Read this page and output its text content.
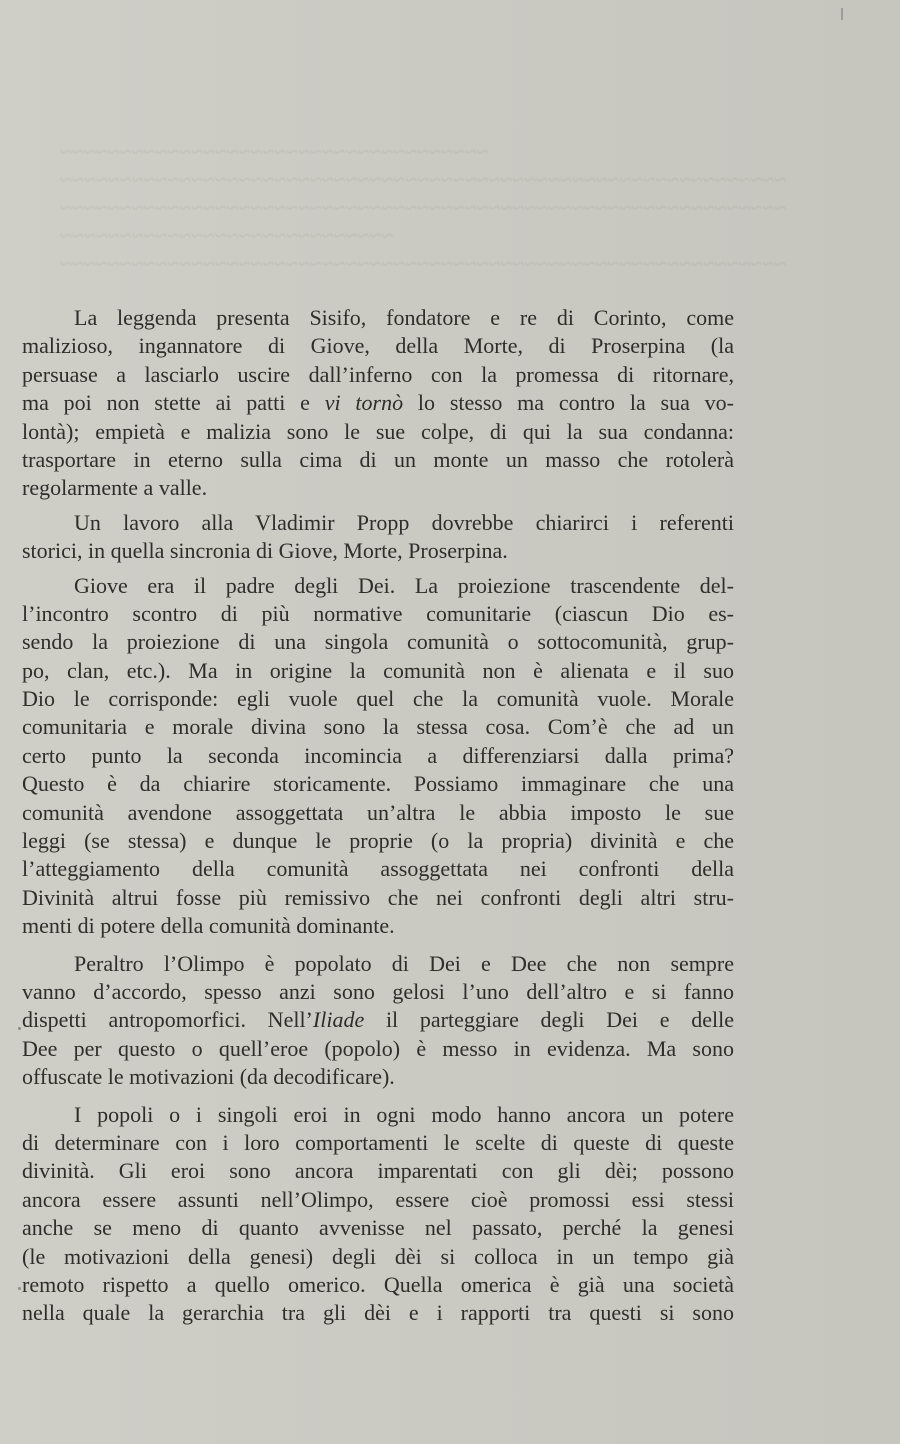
~~~~~~~~~~~~~~~~~~~~~~~~~~~~~~~~~~~~
~~~~~~~~~~~~~~~~~~~~~~~~~~~~~~~~~~~~~~~~~~~~~~~~~~~~~~~~~~~~~
~~~~~~~~~~~~~~~~~~~~~~~~~~~~~~~~~~~~~~~~~~~~~~~~~~~~~~~~~~~~~
~~~~~~~~~~~~~~~~~~~~~~~~~~~~
~~~~~~~~~~~~~~~~~~~~~~~~~~~~~~~~~~~~~~~~~~~~~~~~~~~~~~~~~~~~~
La leggenda presenta Sisifo, fondatore e re di Corinto, come
malizioso, ingannatore di Giove, della Morte, di Proserpina (la
persuase a lasciarlo uscire dall’inferno con la promessa di ritornare,
ma poi non stette ai patti e vi tornò lo stesso ma contro la sua vo-
lontà); empietà e malizia sono le sue colpe, di qui la sua condanna:
trasportare in eterno sulla cima di un monte un masso che rotolerà
regolarmente a valle.
Un lavoro alla Vladimir Propp dovrebbe chiarirci i referenti
storici, in quella sincronia di Giove, Morte, Proserpina.
Giove era il padre degli Dei. La proiezione trascendente del-
l’incontro scontro di più normative comunitarie (ciascun Dio es-
sendo la proiezione di una singola comunità o sottocomunità, grup-
po, clan, etc.). Ma in origine la comunità non è alienata e il suo
Dio le corrisponde: egli vuole quel che la comunità vuole. Morale
comunitaria e morale divina sono la stessa cosa. Com’è che ad un
certo punto la seconda incomincia a differenziarsi dalla prima?
Questo è da chiarire storicamente. Possiamo immaginare che una
comunità avendone assoggettata un’altra le abbia imposto le sue
leggi (se stessa) e dunque le proprie (o la propria) divinità e che
l’atteggiamento della comunità assoggettata nei confronti della
Divinità altrui fosse più remissivo che nei confronti degli altri stru-
menti di potere della comunità dominante.
Peraltro l’Olimpo è popolato di Dei e Dee che non sempre
vanno d’accordo, spesso anzi sono gelosi l’uno dell’altro e si fanno
dispetti antropomorfici. Nell’Iliade il parteggiare degli Dei e delle
Dee per questo o quell’eroe (popolo) è messo in evidenza. Ma sono
offuscate le motivazioni (da decodificare).
I popoli o i singoli eroi in ogni modo hanno ancora un potere
di determinare con i loro comportamenti le scelte di queste di queste
divinità. Gli eroi sono ancora imparentati con gli dèi; possono
ancora essere assunti nell’Olimpo, essere cioè promossi essi stessi
anche se meno di quanto avvenisse nel passato, perché la genesi
(le motivazioni della genesi) degli dèi si colloca in un tempo già
remoto rispetto a quello omerico. Quella omerica è già una società
nella quale la gerarchia tra gli dèi e i rapporti tra questi si sono
